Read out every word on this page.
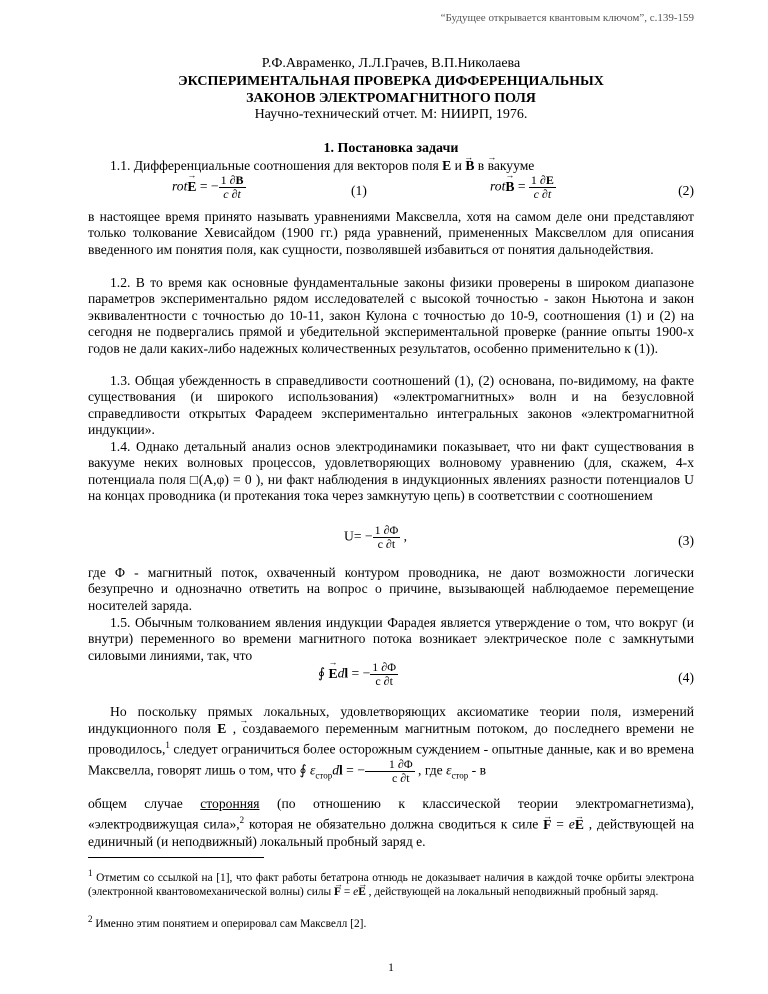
“Будущее открывается квантовым ключом”, с.139-159
Р.Ф.Авраменко, Л.Л.Грачев, В.П.Николаева
ЭКСПЕРИМЕНТАЛЬНАЯ ПРОВЕРКА ДИФФЕРЕНЦИАЛЬНЫХ
ЗАКОНОВ ЭЛЕКТРОМАГНИТНОГО ПОЛЯ
Научно-технический отчет. М: НИИРП, 1976.
1. Постановка задачи

1.1. Дифференциальные соотношения для векторов поля E → и B → в вакууме

rotE → = − $\frac{1 \partial B}{c \partial t}$	(1)	rotB → = $\frac{1 \partial E}{c \partial t}$	(2)

в настоящее время принято называть уравнениями Максвелла, хотя на самом деле они представляют только толкование Хевисайдом (1900 гг.) ряда уравнений, примененных Максвеллом для описания введенного им понятия поля, как сущности, позволявшей избавиться от понятия дальнодействия.

1.2. В то время как основные фундаментальные законы физики проверены в широком диапазоне параметров экспериментально рядом исследователей с высокой точностью - закон Ньютона и закон эквивалентности с точностью до 10-11, закон Кулона с точностью до 10-9, соотношения (1) и (2) на сегодня не подвергались прямой и убедительной экспериментальной проверке (ранние опыты 1900-х годов не дали каких-либо надежных количественных результатов, особенно применительно к (1)).

1.3. Общая убежденность в справедливости соотношений (1), (2) основана, по-видимому, на факте существования (и широкого использования) «электромагнитных» волн и на безусловной справедливости открытых Фарадеем экспериментально интегральных законов «электромагнитной индукции».

1.4. Однако детальный анализ основ электродинамики показывает, что ни факт существования в вакууме неких волновых процессов, удовлетворяющих волновому уравнению (для, скажем, 4-х потенциала поля □(A,φ) = 0 ), ни факт наблюдения в индукционных явлениях разности потенциалов U на концах проводника (и протекания тока через замкнутую цепь) в соответствии с соотношением

$U= - \frac{1 \partial\Phi}{c \partial t}$ ,	(3)

где Φ - магнитный поток, охваченный контуром проводника, не дают возможности логически безупречно и однозначно ответить на вопрос о причине, вызывающей наблюдаемое перемещение носителей заряда.

1.5. Обычным толкованием явления индукции Фарадея является утверждение о том, что вокруг (и внутри) переменного во времени магнитного потока возникает электрическое поле с замкнутыми силовыми линиями, так, что

∮ E →dl = − $\frac{1 \partial\Phi}{c \partial t}$	(4)

Но поскольку прямых локальных, удовлетворяющих аксиоматике теории поля, измерений индукционного поля E → , создаваемого переменным магнитным потоком, до последнего времени не проводилось,$^1$ следует ограничиться более осторожным суждением - опытные данные, как и во времена Максвелла, говорят лишь о том, что ∮ $\varepsilon_{стор}dl$ = − $\frac{1 \partial\Phi}{c \partial t}$ , где $\varepsilon_{стор}$ - в

общем случае сторонняя (по отношению к классической теории электромагнетизма), «электродвижущая сила»,$^2$ которая не обязательно должна сводиться к силе F → = eE → , действующей на единичный (и неподвижный) локальный пробный заряд е.

$^1$ Отметим со ссылкой на [1], что факт работы бетатрона отнюдь не доказывает наличия в каждой точке орбиты электрона (электронной квантовомеханической волны) силы F → = eE → , действующей на локальный неподвижный пробный заряд.

$^2$ Именно этим понятием и оперировал сам Максвелл [2].

1
